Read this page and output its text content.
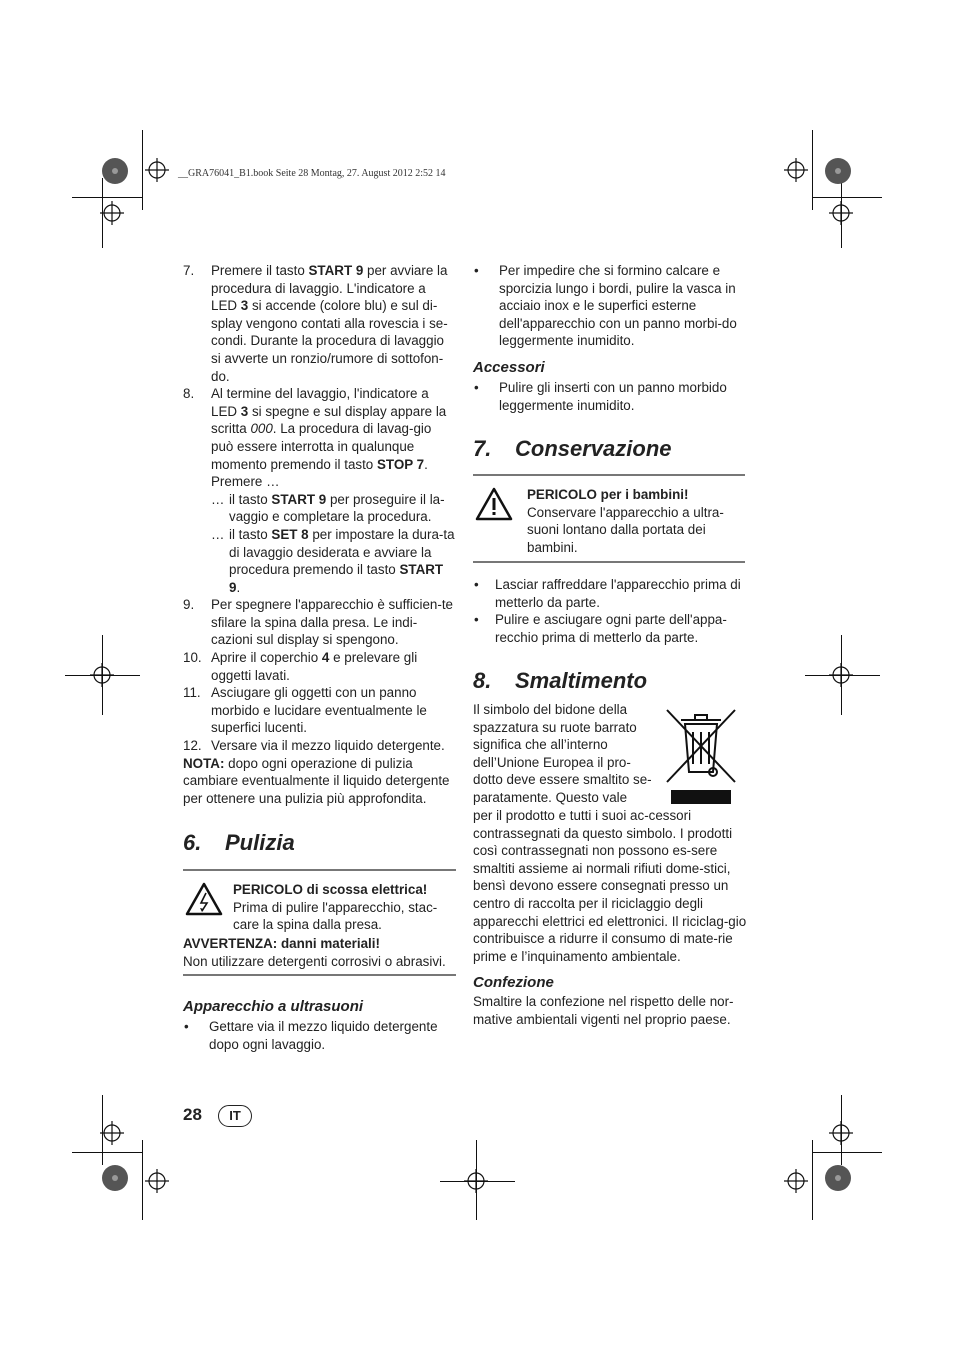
__GRA76041_B1.book Seite 28 Montag, 27. August 2012 2:52 14

7. Premere il tasto START 9 per avviare la procedura di lavaggio. L'indicatore a LED 3 si accende (colore blu) e sul di-splay vengono contati alla rovescia i se-condi. Durante la procedura di lavaggio si avverte un ronzio/rumore di sottofon-do.

8. Al termine del lavaggio, l'indicatore a LED 3 si spegne e sul display appare la scritta 000. La procedura di lavag-gio può essere interrotta in qualunque momento premendo il tasto STOP 7. Premere …

… il tasto START 9 per proseguire il la-vaggio e completare la procedura.

… il tasto SET 8 per impostare la dura-ta di lavaggio desiderata e avviare la procedura premendo il tasto START 9.

9. Per spegnere l'apparecchio è sufficien-te sfilare la spina dalla presa. Le indi-cazioni sul display si spengono.

10. Aprire il coperchio 4 e prelevare gli oggetti lavati.

11. Asciugare gli oggetti con un panno morbido e lucidare eventualmente le superfici lucenti.

12. Versare via il mezzo liquido detergente.

NOTA: dopo ogni operazione di pulizia cambiare eventualmente il liquido detergente per ottenere una pulizia più approfondita.

6. Pulizia

PERICOLO di scossa elettrica!

Prima di pulire l'apparecchio, stac-care la spina dalla presa.

AVVERTENZA: danni materiali!

Non utilizzare detergenti corrosivi o abrasivi.

Apparecchio a ultrasuoni

• Gettare via il mezzo liquido detergente dopo ogni lavaggio.

• Per impedire che si formino calcare e sporcizia lungo i bordi, pulire la vasca in acciaio inox e le superfici esterne dell'apparecchio con un panno morbi-do leggermente inumidito.

Accessori

• Pulire gli inserti con un panno morbido leggermente inumidito.

7. Conservazione

PERICOLO per i bambini!

Conservare l'apparecchio a ultra-suoni lontano dalla portata dei bambini.

• Lasciar raffreddare l'apparecchio prima di metterlo da parte.

• Pulire e asciugare ogni parte dell'appa-recchio prima di metterlo da parte.

8. Smaltimento
Il simbolo del bidone della spazzatura su ruote barrato significa che all’interno dell’Unione Europea il pro-dotto deve essere smaltito se-paratamente. Questo vale
per il prodotto e tutti i suoi ac-cessori contrassegnati da questo simbolo. I prodotti così contrassegnati non possono es-sere smaltiti assieme ai normali rifiuti dome-stici, bensì devono essere consegnati presso un centro di raccolta per il riciclaggio degli apparecchi elettrici ed elettronici. Il riciclag-gio contribuisce a ridurre il consumo di mate-rie prime e l’inquinamento ambientale.
Confezione
Smaltire la confezione nel rispetto delle nor-mative ambientali vigenti nel proprio paese.
28	IT
